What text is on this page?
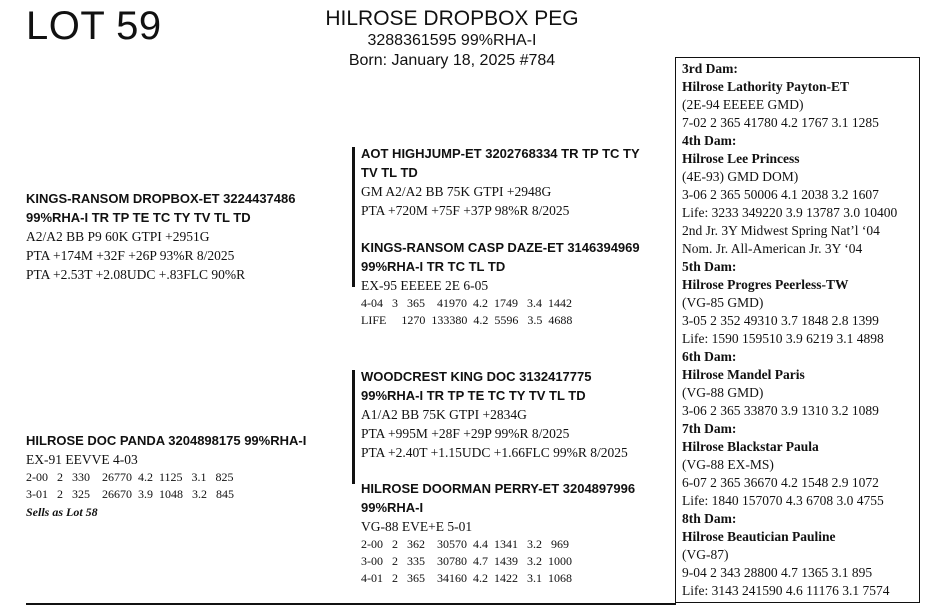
LOT 59	HILROSE DROPBOX PEG
3288361595 99%RHA-I
Born: January 18, 2025 #784
KINGS-RANSOM DROPBOX-ET 3224437486
99%RHA-I TR TP TE TC TY TV TL TD
A2/A2 BB P9 60K GTPI +2951G
PTA +174M +32F +26P 93%R 8/2025
PTA +2.53T +2.08UDC +.83FLC 90%R
AOT HIGHJUMP-ET 3202768334 TR TP TC TY
TV TL TD
GM A2/A2 BB 75K GTPI +2948G
PTA +720M +75F +37P 98%R 8/2025
KINGS-RANSOM CASP DAZE-ET 3146394969
99%RHA-I TR TC TL TD
EX-95 EEEEE 2E 6-05
4-04   3   365    41970  4.2  1749   3.4  1442
LIFE     1270  133380  4.2  5596   3.5  4688
HILROSE DOC PANDA 3204898175 99%RHA-I
EX-91 EEVVE 4-03
2-00   2   330    26770  4.2  1125   3.1   825
3-01   2   325    26670  3.9  1048   3.2   845
Sells as Lot 58
WOODCREST KING DOC 3132417775
99%RHA-I TR TP TE TC TY TV TL TD
A1/A2 BB 75K GTPI +2834G
PTA +995M +28F +29P 99%R 8/2025
PTA +2.40T +1.15UDC +1.66FLC 99%R 8/2025
HILROSE DOORMAN PERRY-ET 3204897996
99%RHA-I
VG-88 EVE+E 5-01
2-00   2   362    30570  4.4  1341   3.2   969
3-00   2   335    30780  4.7  1439   3.2  1000
4-01   2   365    34160  4.2  1422   3.1  1068
3rd Dam:
Hilrose Lathority Payton-ET
(2E-94 EEEEE GMD)
7-02 2 365 41780 4.2 1767 3.1 1285
4th Dam:
Hilrose Lee Princess
(4E-93) GMD DOM)
3-06 2 365 50006 4.1 2038 3.2 1607
Life: 3233 349220 3.9 13787 3.0 10400
2nd Jr. 3Y Midwest Spring Nat’l ‘04
Nom. Jr. All-American Jr. 3Y ‘04
5th Dam:
Hilrose Progres Peerless-TW
(VG-85 GMD)
3-05 2 352 49310 3.7 1848 2.8 1399
Life: 1590 159510 3.9 6219 3.1 4898
6th Dam:
Hilrose Mandel Paris
(VG-88 GMD)
3-06 2 365 33870 3.9 1310 3.2 1089
7th Dam:
Hilrose Blackstar Paula
(VG-88 EX-MS)
6-07 2 365 36670 4.2 1548 2.9 1072
Life: 1840 157070 4.3 6708 3.0 4755
8th Dam:
Hilrose Beautician Pauline
(VG-87)
9-04 2 343 28800 4.7 1365 3.1 895
Life: 3143 241590 4.6 11176 3.1 7574
